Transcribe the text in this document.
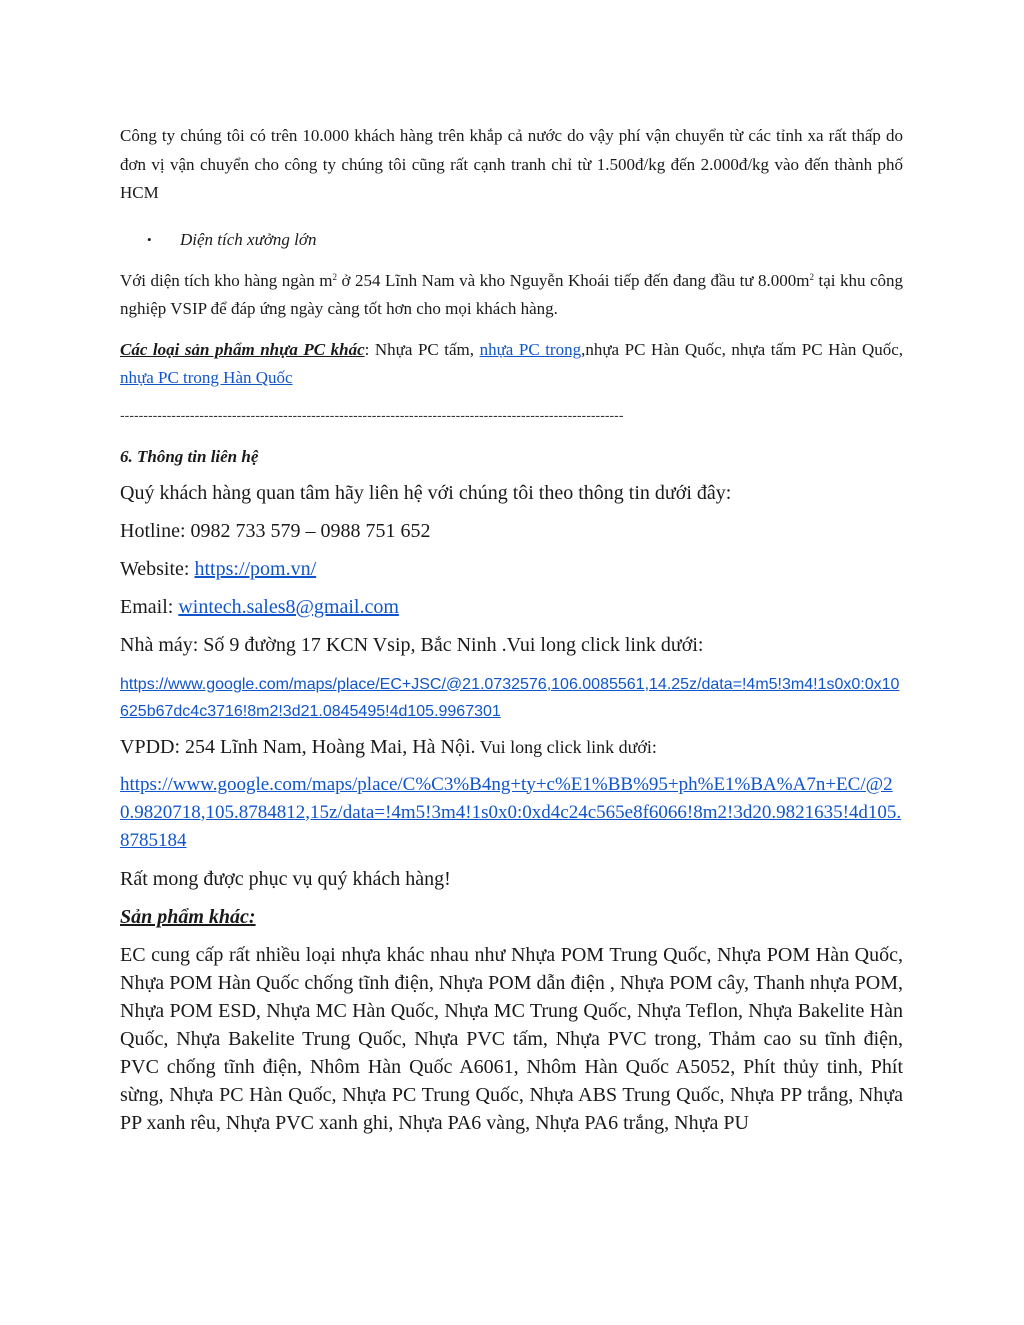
Công ty chúng tôi có trên 10.000 khách hàng trên khắp cả nước do vậy phí vận chuyển từ các tỉnh xa rất thấp do đơn vị vận chuyển cho công ty chúng tôi cũng rất cạnh tranh chỉ từ 1.500đ/kg đến 2.000đ/kg vào đến thành phố HCM

• Diện tích xưởng lớn

Với diện tích kho hàng ngàn $m^2$ ở 254 Lĩnh Nam và kho Nguyễn Khoái tiếp đến đang đầu tư $8.000m^2$ tại khu công nghiệp VSIP để đáp ứng ngày càng tốt hơn cho mọi khách hàng.

Các loại sản phẩm nhựa PC khác: Nhựa PC tấm, nhựa PC trong,nhựa PC Hàn Quốc, nhựa tấm PC Hàn Quốc, nhựa PC trong Hàn Quốc

------------------------------------------------------------------------------------------------------------
6. Thông tin liên hệ

Quý khách hàng quan tâm hãy liên hệ với chúng tôi theo thông tin dưới đây:

Hotline: 0982 733 579 – 0988 751 652

Website: https://pom.vn/

Email: wintech.sales8@gmail.com

Nhà máy: Số 9 đường 17 KCN Vsip, Bắc Ninh .Vui long click link dưới:

https://www.google.com/maps/place/EC+JSC/@21.0732576,106.0085561,14.25z/data=!4m5!3m4!1s0x0:0x10625b67dc4c3716!8m2!3d21.0845495!4d105.9967301

VPDD: 254 Lĩnh Nam, Hoàng Mai, Hà Nội. Vui long click link dưới:

https://www.google.com/maps/place/C%C3%B4ng+ty+c%E1%BB%95+ph%E1%BA%A7n+EC/@20.9820718,105.8784812,15z/data=!4m5!3m4!1s0x0:0xd4c24c565e8f6066!8m2!3d20.9821635!4d105.8785184

Rất mong được phục vụ quý khách hàng!

Sản phẩm khác:

EC cung cấp rất nhiều loại nhựa khác nhau như Nhựa POM Trung Quốc, Nhựa POM Hàn Quốc, Nhựa POM Hàn Quốc chống tĩnh điện, Nhựa POM dẫn điện , Nhựa POM cây, Thanh nhựa POM, Nhựa POM ESD, Nhựa MC Hàn Quốc, Nhựa MC Trung Quốc, Nhựa Teflon, Nhựa Bakelite Hàn Quốc, Nhựa Bakelite Trung Quốc, Nhựa PVC tấm, Nhựa PVC trong, Thảm cao su tĩnh điện, PVC chống tĩnh điện, Nhôm Hàn Quốc A6061, Nhôm Hàn Quốc A5052, Phít thủy tinh, Phít sừng, Nhựa PC Hàn Quốc, Nhựa PC Trung Quốc, Nhựa ABS Trung Quốc, Nhựa PP trắng, Nhựa PP xanh rêu, Nhựa PVC xanh ghi, Nhựa PA6 vàng, Nhựa PA6 trắng, Nhựa PU
